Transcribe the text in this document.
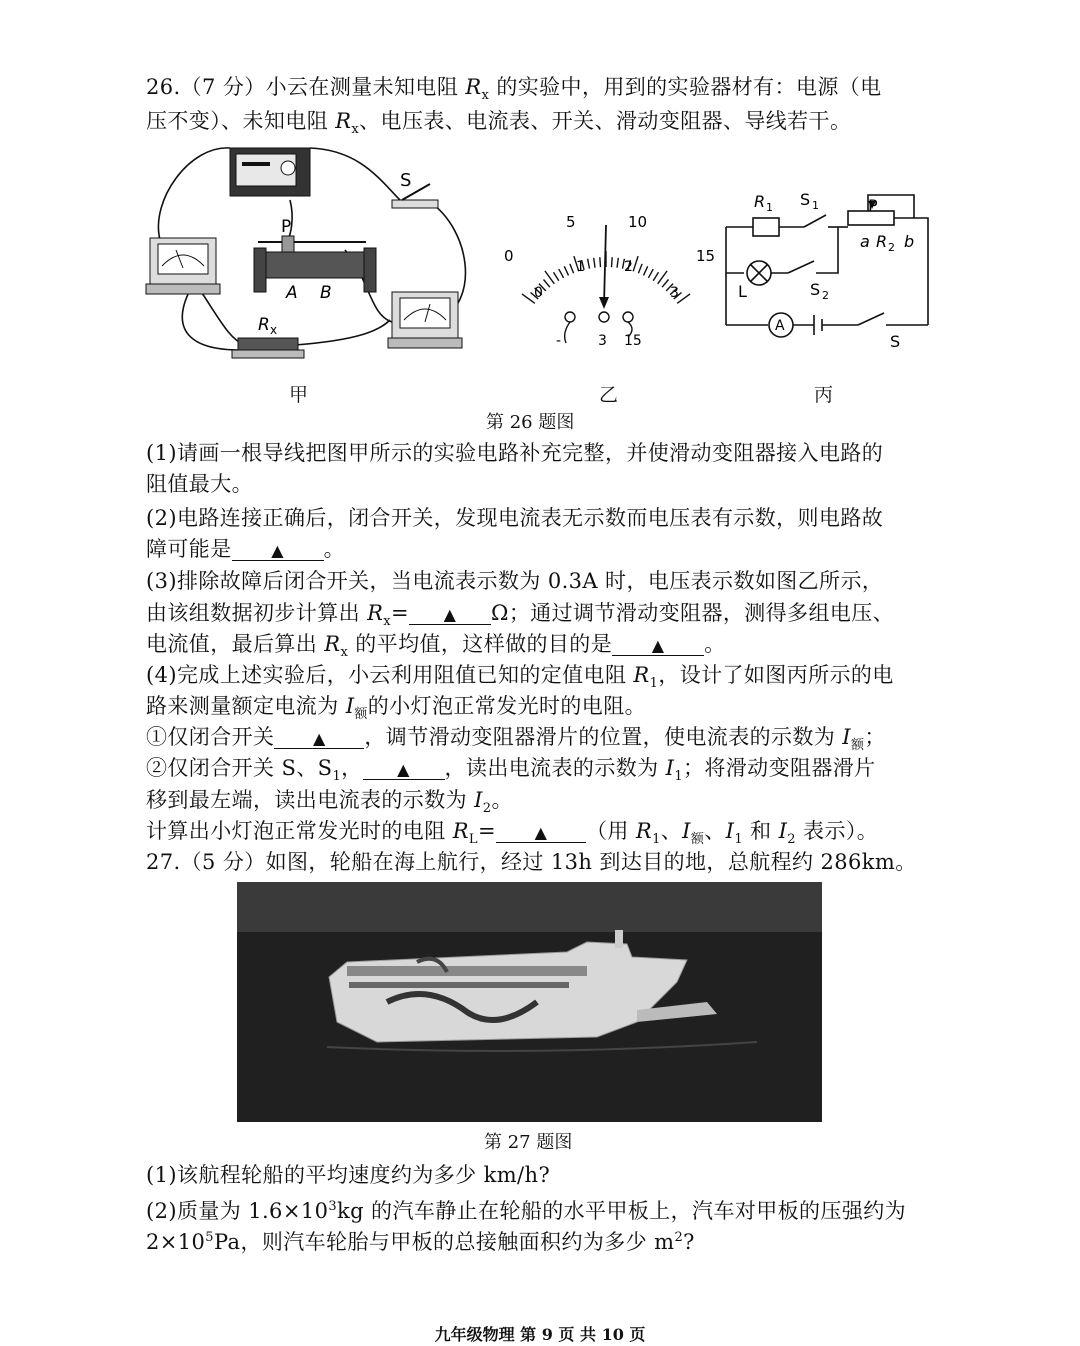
26.（7 分）小云在测量未知电阻 $R_x$ 的实验中，用到的实验器材有：电源（电
压不变）、未知电阻 $R_x$、电压表、电流表、开关、滑动变阻器、导线若干。
S
P
A B
R x
甲
0
5	10
15
0
1	2
3
-	3 15
乙
R 1 S 1	P
a R 2 b
L	S 2
A
S
丙
第 26 题图
(1)请画一根导线把图甲所示的实验电路补充完整，并使滑动变阻器接入电路的
阻值最大。
(2)电路连接正确后，闭合开关，发现电流表无示数而电压表有示数，则电路故
障可能是 ▲ 。
(3)排除故障后闭合开关，当电流表示数为 0.3A 时，电压表示数如图乙所示，
由该组数据初步计算出 $R_x=$ ▲ Ω；通过调节滑动变阻器，测得多组电压、
电流值，最后算出 $R_x$ 的平均值，这样做的目的是 ▲ 。
(4)完成上述实验后，小云利用阻值已知的定值电阻 $R_1$，设计了如图丙所示的电
路来测量额定电流为 $I_额$的小灯泡正常发光时的电阻。
①仅闭合开关 ▲ ，调节滑动变阻器滑片的位置，使电流表的示数为 $I_额$；
②仅闭合开关 S、$S_1$， ▲ ，读出电流表的示数为 $I_1$；将滑动变阻器滑片
移到最左端，读出电流表的示数为 $I_2$。
计算出小灯泡正常发光时的电阻 $R_L=$ ▲ （用 $R_1$、$I_额$、$I_1$ 和 $I_2$ 表示）。
27.（5 分）如图，轮船在海上航行，经过 13h 到达目的地，总航程约 286km。
第 27 题图
(1)该航程轮船的平均速度约为多少 km/h?
(2)质量为 $1.6\times 10^3kg$ 的汽车静止在轮船的水平甲板上，汽车对甲板的压强约为
$2\times 10^5Pa$，则汽车轮胎与甲板的总接触面积约为多少 $m^2$?
九年级物理 第 9 页 共 10 页
